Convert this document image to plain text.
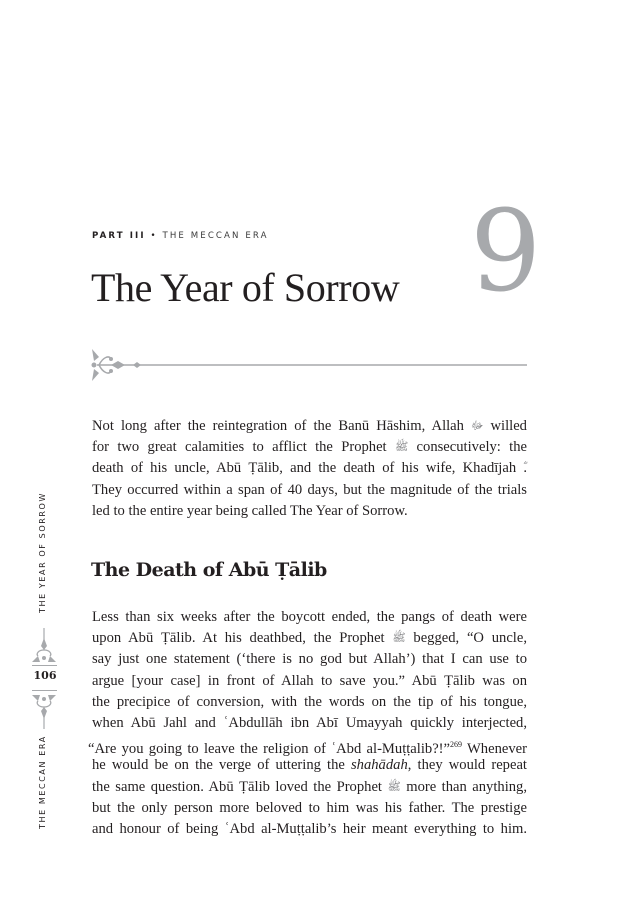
PART III • THE MECCAN ERA 9
The Year of Sorrow
Not long after the reintegration of the Banū Hāshim, Allah ﷻ willed
for two great calamities to afflict the Prophet ﷺ consecutively: the
death of his uncle, Abū Ṭālib, and the death of his wife, Khadījah .
They occurred within a span of 40 days, but the magnitude of the trials
led to the entire year being called The Year of Sorrow.
The Death of Abū Ṭālib
Less than six weeks after the boycott ended, the pangs of death were
upon Abū Ṭālib. At his deathbed, the Prophet ﷺ begged, “O uncle,
say just one statement (‘there is no god but Allah’) that I can use to
argue [your case] in front of Allah to save you.” Abū Ṭālib was on
the precipice of conversion, with the words on the tip of his tongue,
when Abū Jahl and ʿAbdullāh ibn Abī Umayyah quickly interjected,
“Are you going to leave the religion of ʿAbd al-Muṭṭalib?!”$^{269}$ Whenever
he would be on the verge of uttering the shahādah, they would repeat
the same question. Abū Ṭālib loved the Prophet ﷺ more than anything,
but the only person more beloved to him was his father. The prestige
and honour of being ʿAbd al-Muṭṭalib’s heir meant everything to him.
THE YEAR OF SORROW
106
THE MECCAN ERA
